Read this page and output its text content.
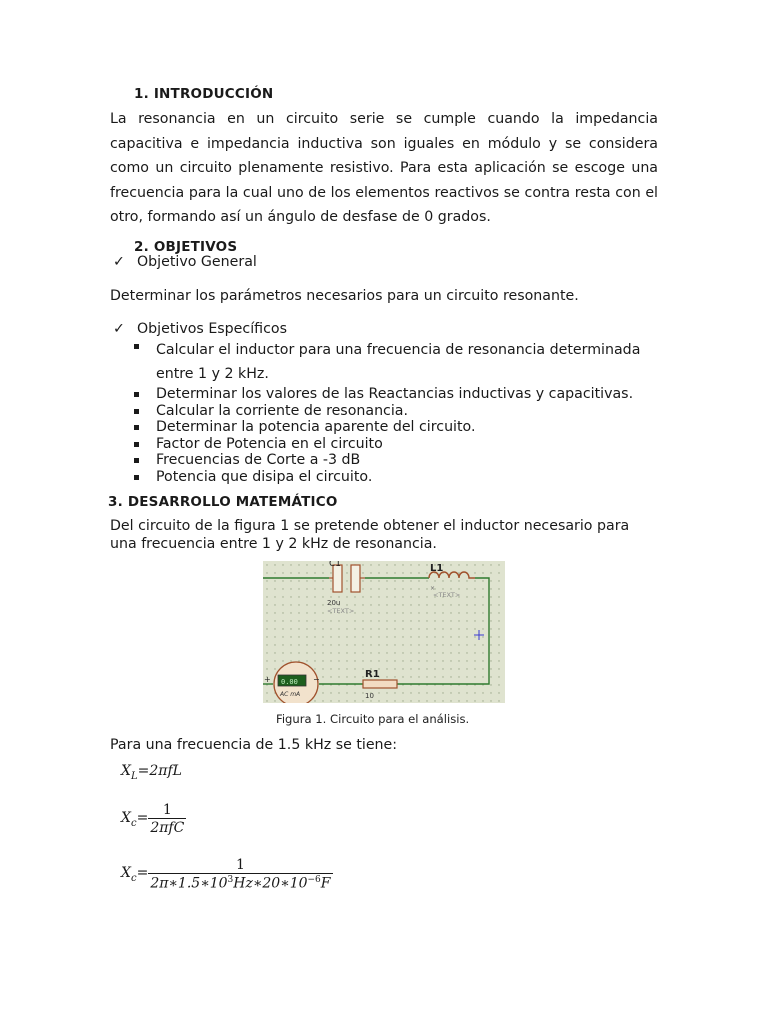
1. INTRODUCCIÓN
La resonancia en un circuito serie se cumple cuando la impedancia
capacitiva e impedancia inductiva son iguales en módulo y se considera
como un circuito plenamente resistivo. Para esta aplicación se escoge una
frecuencia para la cual uno de los elementos reactivos se contra resta con el
otro, formando así un ángulo de desfase de 0 grados.
2. OBJETIVOS
✓ Objetivo General
Determinar los parámetros necesarios para un circuito resonante.
✓ Objetivos Específicos
Calcular el inductor para una frecuencia de resonancia determinada entre 1 y 2 kHz.
Determinar los valores de las Reactancias inductivas y capacitivas.
Calcular la corriente de resonancia.
Determinar la potencia aparente del circuito.
Factor de Potencia en el circuito
Frecuencias de Corte a -3 dB
Potencia que disipa el circuito.
3. DESARROLLO MATEMÁTICO
Del circuito de la figura 1 se pretende obtener el inductor necesario para
una frecuencia entre 1 y 2 kHz de resonancia.
C1
20u
<TEXT>
L1
×
<TEXT>
R1
10
0.00
AC mA
+	−
Figura 1. Circuito para el análisis.
Para una frecuencia de 1.5 kHz se tiene:
$X_L=2\pi fL$
$X_c= \frac{1}{\text{2πfC}}$
$X_c= \frac{1}{2\pi∗1.5∗10^3Hz∗20∗10^{-6}F}$
